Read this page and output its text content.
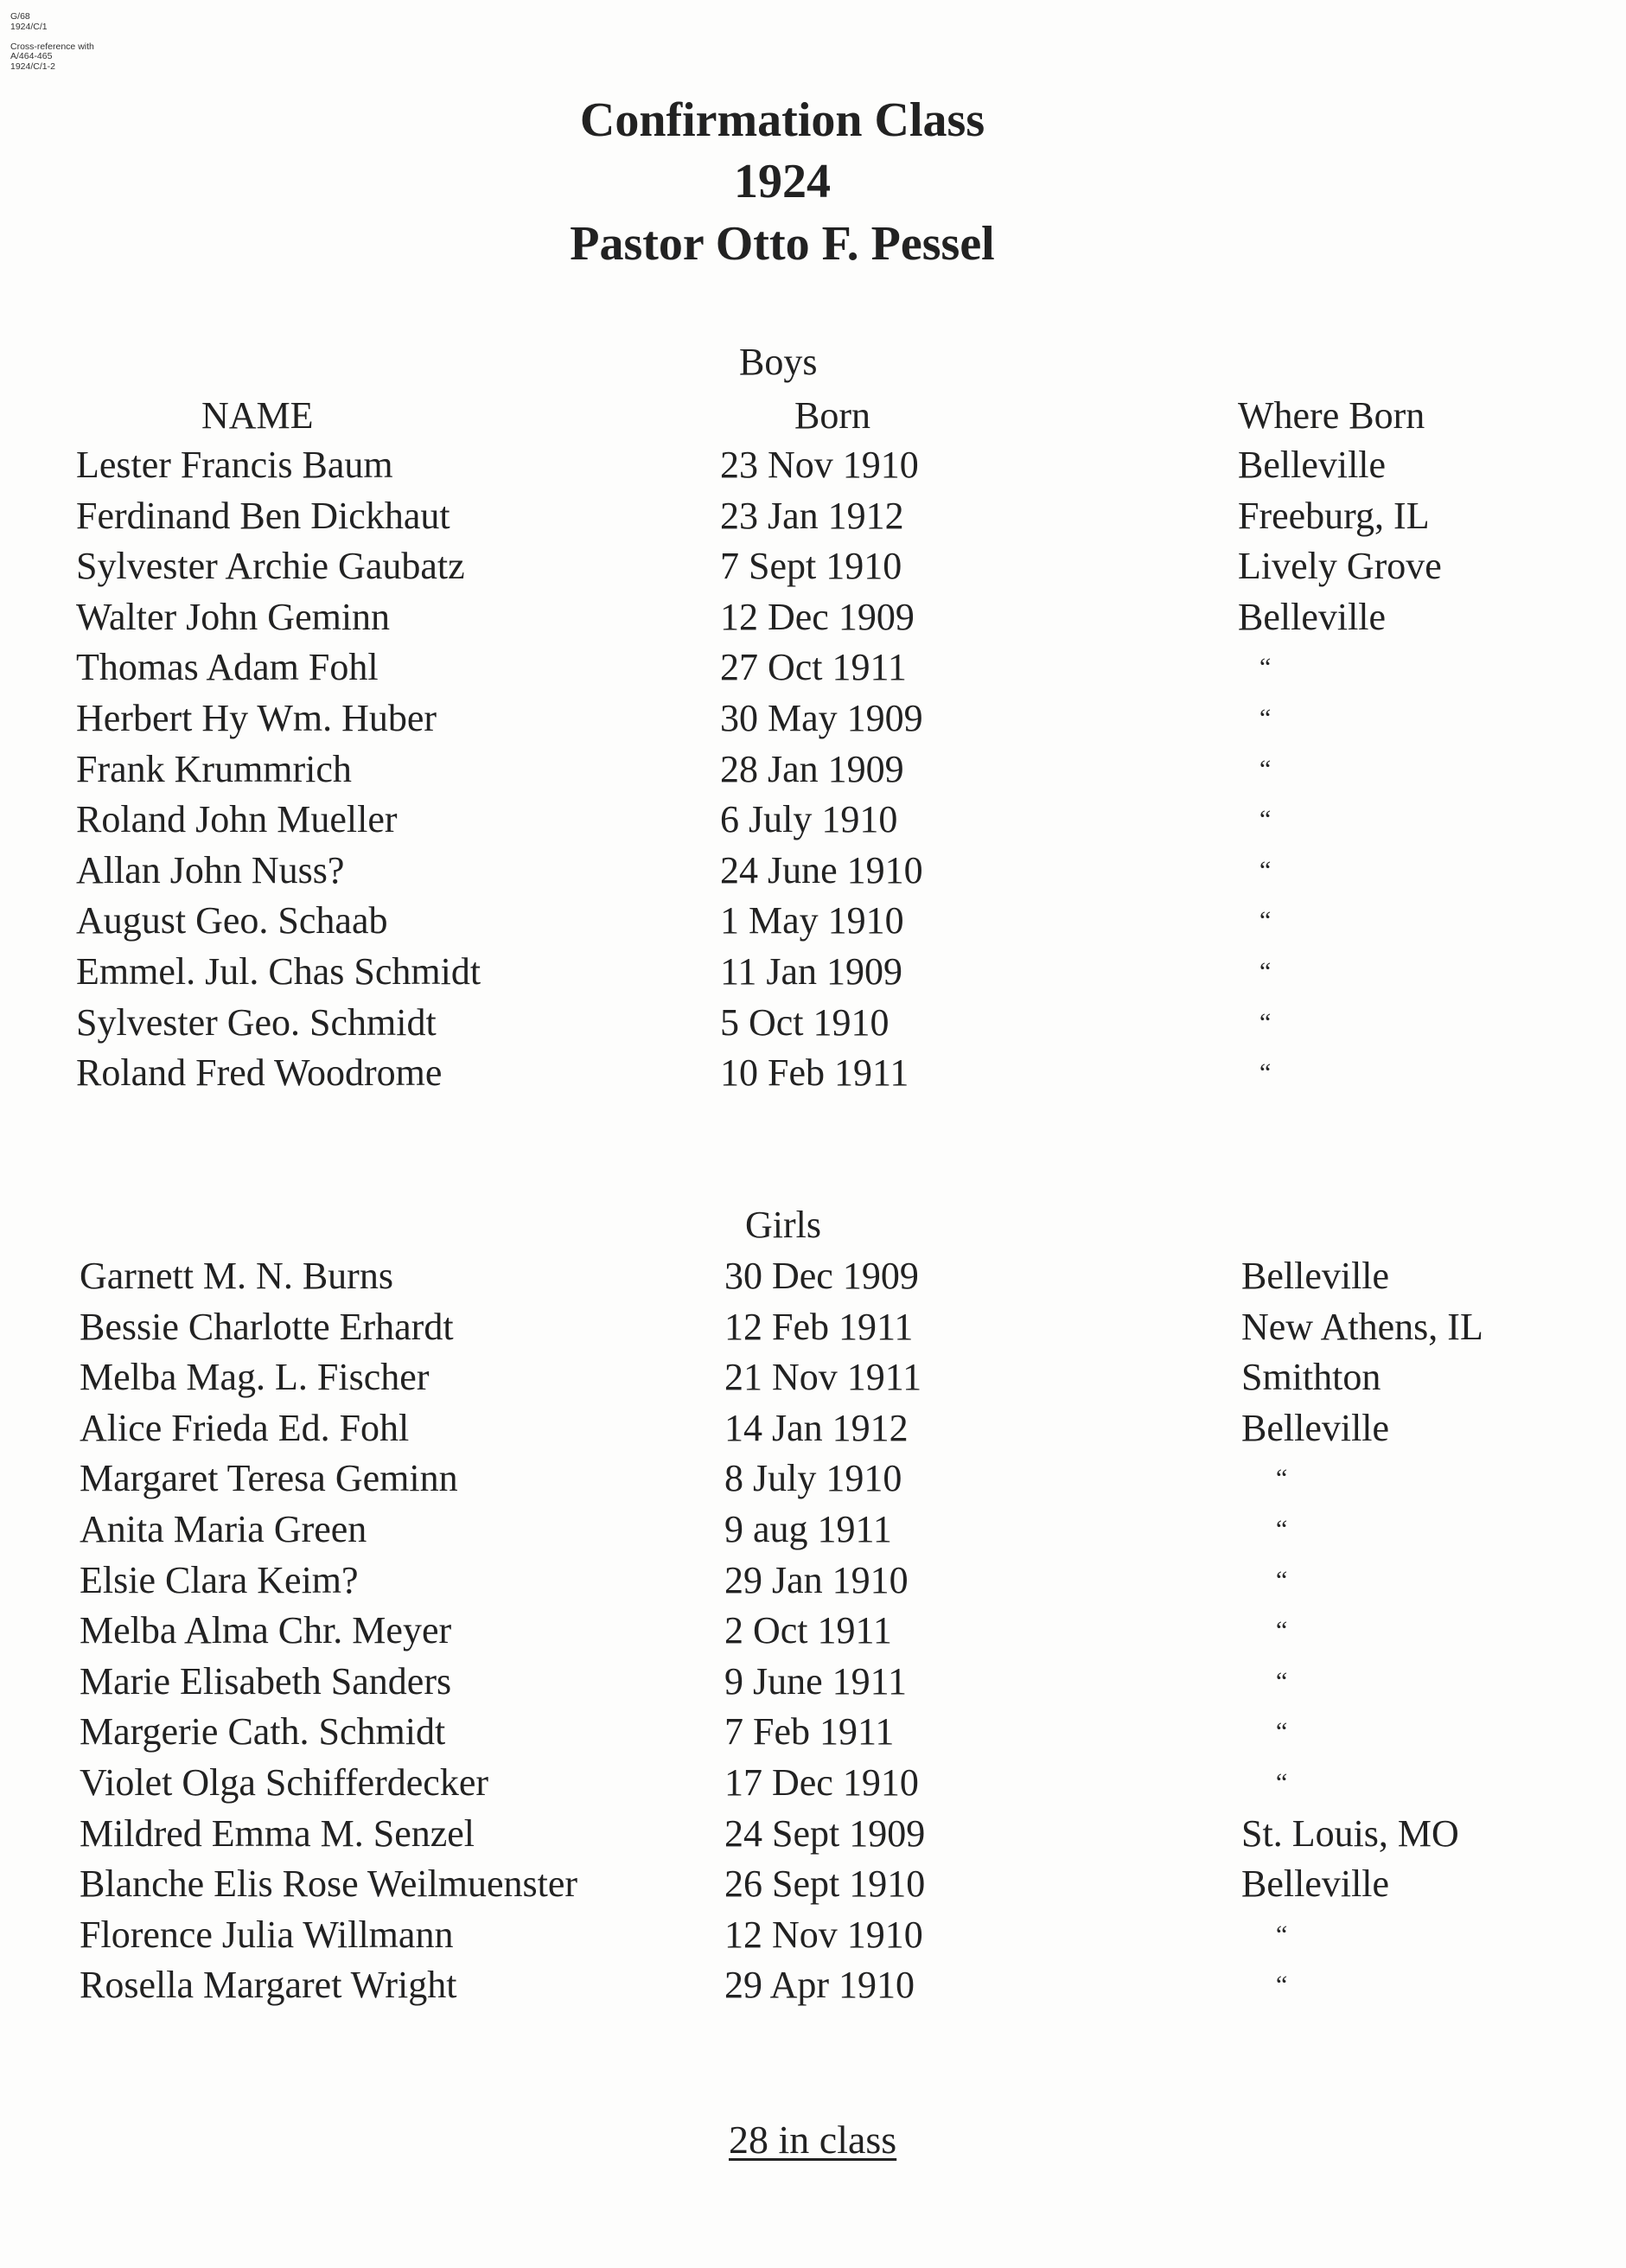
G/68
1924/C/1
Cross-reference with
A/464-465
1924/C/1-2
Confirmation Class
1924
Pastor Otto F. Pessel
Boys
NAME	Born	Where Born
Lester Francis Baum	23 Nov 1910	Belleville
Ferdinand Ben Dickhaut	23 Jan 1912	Freeburg, IL
Sylvester Archie Gaubatz	7 Sept 1910	Lively Grove
Walter John Geminn	12 Dec 1909	Belleville
Thomas Adam Fohl	27 Oct 1911	“
Herbert Hy Wm. Huber	30 May 1909	“
Frank Krummrich	28 Jan 1909	“
Roland John Mueller	6 July 1910	“
Allan John Nuss?	24 June 1910	“
August Geo. Schaab	1 May 1910	“
Emmel. Jul. Chas Schmidt	11 Jan 1909	“
Sylvester Geo. Schmidt	5 Oct 1910	“
Roland Fred Woodrome	10 Feb 1911	“
Girls
Garnett M. N. Burns	30 Dec 1909	Belleville
Bessie Charlotte Erhardt	12 Feb 1911	New Athens, IL
Melba Mag. L. Fischer	21 Nov 1911	Smithton
Alice Frieda Ed. Fohl	14 Jan 1912	Belleville
Margaret Teresa Geminn	8 July 1910	“
Anita Maria Green	9 aug 1911	“
Elsie Clara Keim?	29 Jan 1910	“
Melba Alma Chr. Meyer	2 Oct 1911	“
Marie Elisabeth Sanders	9 June 1911	“
Margerie Cath. Schmidt	7 Feb 1911	“
Violet Olga Schifferdecker	17 Dec 1910	“
Mildred Emma M. Senzel	24 Sept 1909	St. Louis, MO
Blanche Elis Rose Weilmuenster	26 Sept 1910	Belleville
Florence Julia Willmann	12 Nov 1910	“
Rosella Margaret Wright	29 Apr 1910	“
28 in class
